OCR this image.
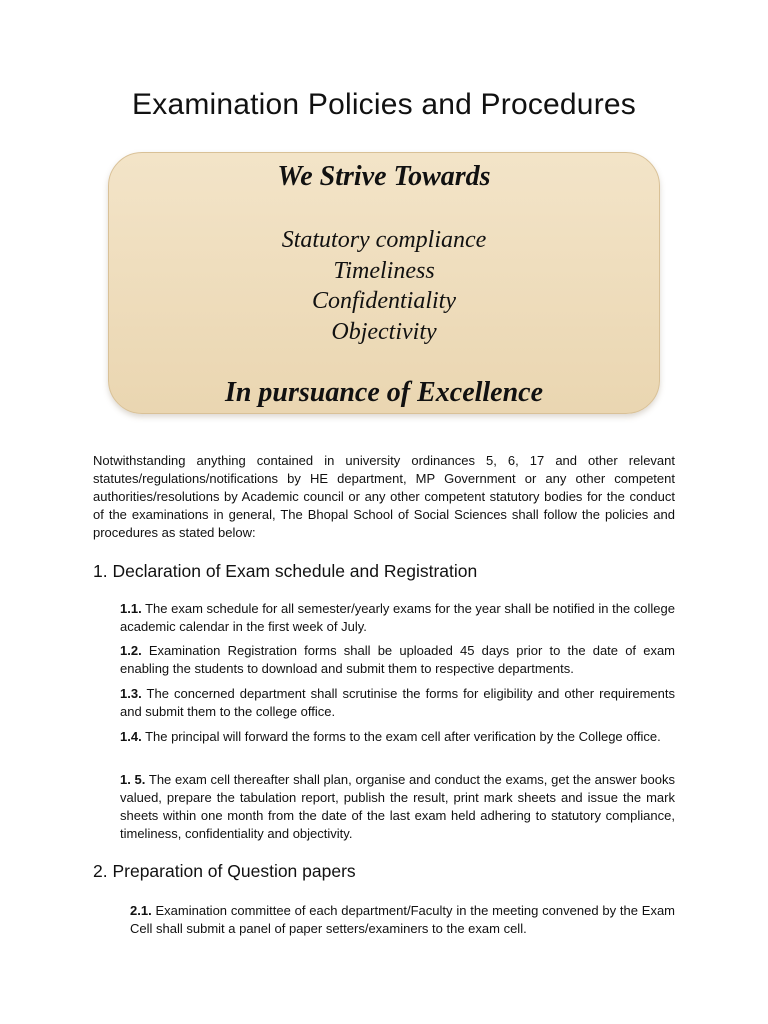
Examination Policies and Procedures
We Strive Towards
Statutory compliance
Timeliness
Confidentiality
Objectivity
In pursuance of Excellence

Notwithstanding anything contained in university ordinances 5, 6, 17 and other relevant statutes/regulations/notifications by HE department, MP Government or any other competent authorities/resolutions by Academic council or any other competent statutory bodies for the conduct of the examinations in general, The Bhopal School of Social Sciences shall follow the policies and procedures as stated below:

1. Declaration of Exam schedule and Registration

1.1. The exam schedule for all semester/yearly exams for the year shall be notified in the college academic calendar in the first week of July.

1.2. Examination Registration forms shall be uploaded 45 days prior to the date of exam enabling the students to download and submit them to respective departments.

1.3. The concerned department shall scrutinise the forms for eligibility and other requirements and submit them to the college office.

1.4. The principal will forward the forms to the exam cell after verification by the College office.

1. 5. The exam cell thereafter shall plan, organise and conduct the exams, get the answer books valued, prepare the tabulation report, publish the result, print mark sheets and issue the mark sheets within one month from the date of the last exam held adhering to statutory compliance, timeliness, confidentiality and objectivity.

2. Preparation of Question papers

2.1. Examination committee of each department/Faculty in the meeting convened by the Exam Cell shall submit a panel of paper setters/examiners to the exam cell.
